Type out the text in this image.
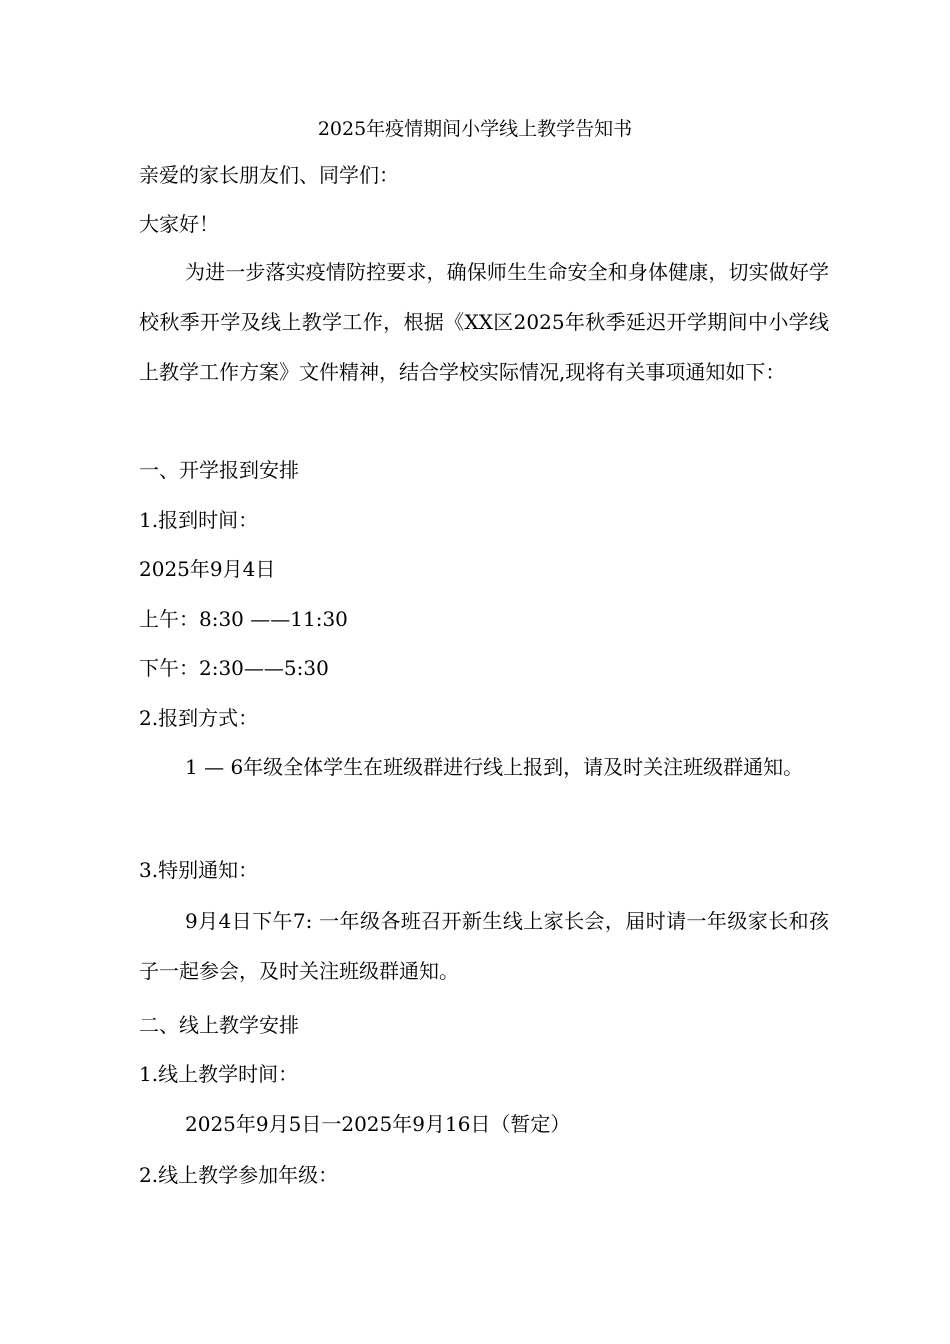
2025年疫情期间小学线上教学告知书
亲爱的家长朋友们、同学们：
大家好！
为进一步落实疫情防控要求，确保师生生命安全和身体健康，切实做好学校秋季开学及线上教学工作，根据《XX区2025年秋季延迟开学期间中小学线上教学工作方案》文件精神，结合学校实际情况,现将有关事项通知如下：
一、开学报到安排
1.报到时间：
2025年9月4日
上午：8:30 ——11:30
下午：2:30——5:30
2.报到方式：
1 — 6年级全体学生在班级群进行线上报到，请及时关注班级群通知。
3.特别通知：
9月4日下午7: 一年级各班召开新生线上家长会，届时请一年级家长和孩子一起参会，及时关注班级群通知。
二、线上教学安排
1.线上教学时间：
2025年9月5日一2025年9月16日（暂定）
2.线上教学参加年级：
